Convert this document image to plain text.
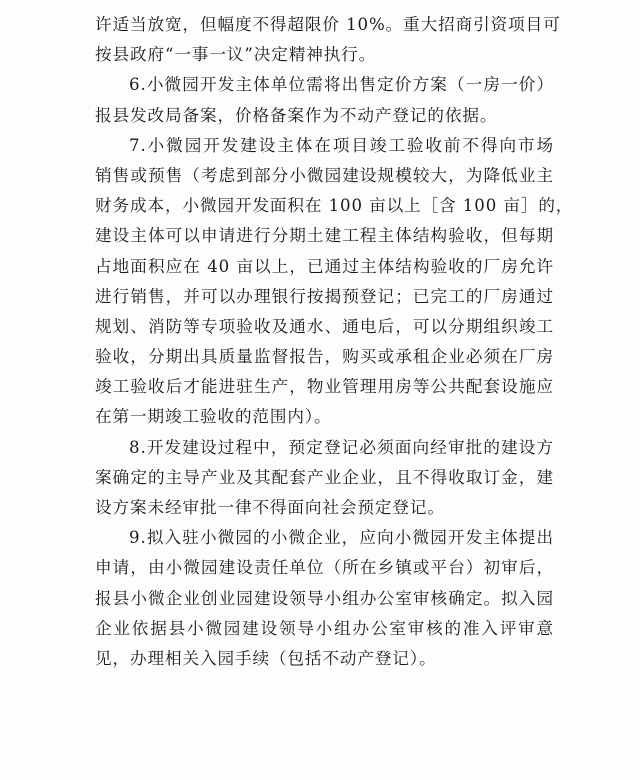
许适当放宽，但幅度不得超限价 10%。重大招商引资项目可
按县政府“一事一议”决定精神执行。
6.小微园开发主体单位需将出售定价方案（一房一价）
报县发改局备案，价格备案作为不动产登记的依据。
7.小微园开发建设主体在项目竣工验收前不得向市场
销售或预售（考虑到部分小微园建设规模较大，为降低业主
财务成本，小微园开发面积在 100 亩以上［含 100 亩］的，
建设主体可以申请进行分期土建工程主体结构验收，但每期
占地面积应在 40 亩以上，已通过主体结构验收的厂房允许
进行销售，并可以办理银行按揭预登记；已完工的厂房通过
规划、消防等专项验收及通水、通电后，可以分期组织竣工
验收，分期出具质量监督报告，购买或承租企业必须在厂房
竣工验收后才能进驻生产，物业管理用房等公共配套设施应
在第一期竣工验收的范围内）。
8.开发建设过程中，预定登记必须面向经审批的建设方
案确定的主导产业及其配套产业企业，且不得收取订金，建
设方案未经审批一律不得面向社会预定登记。
9.拟入驻小微园的小微企业，应向小微园开发主体提出
申请，由小微园建设责任单位（所在乡镇或平台）初审后，
报县小微企业创业园建设领导小组办公室审核确定。拟入园
企业依据县小微园建设领导小组办公室审核的准入评审意
见，办理相关入园手续（包括不动产登记）。
